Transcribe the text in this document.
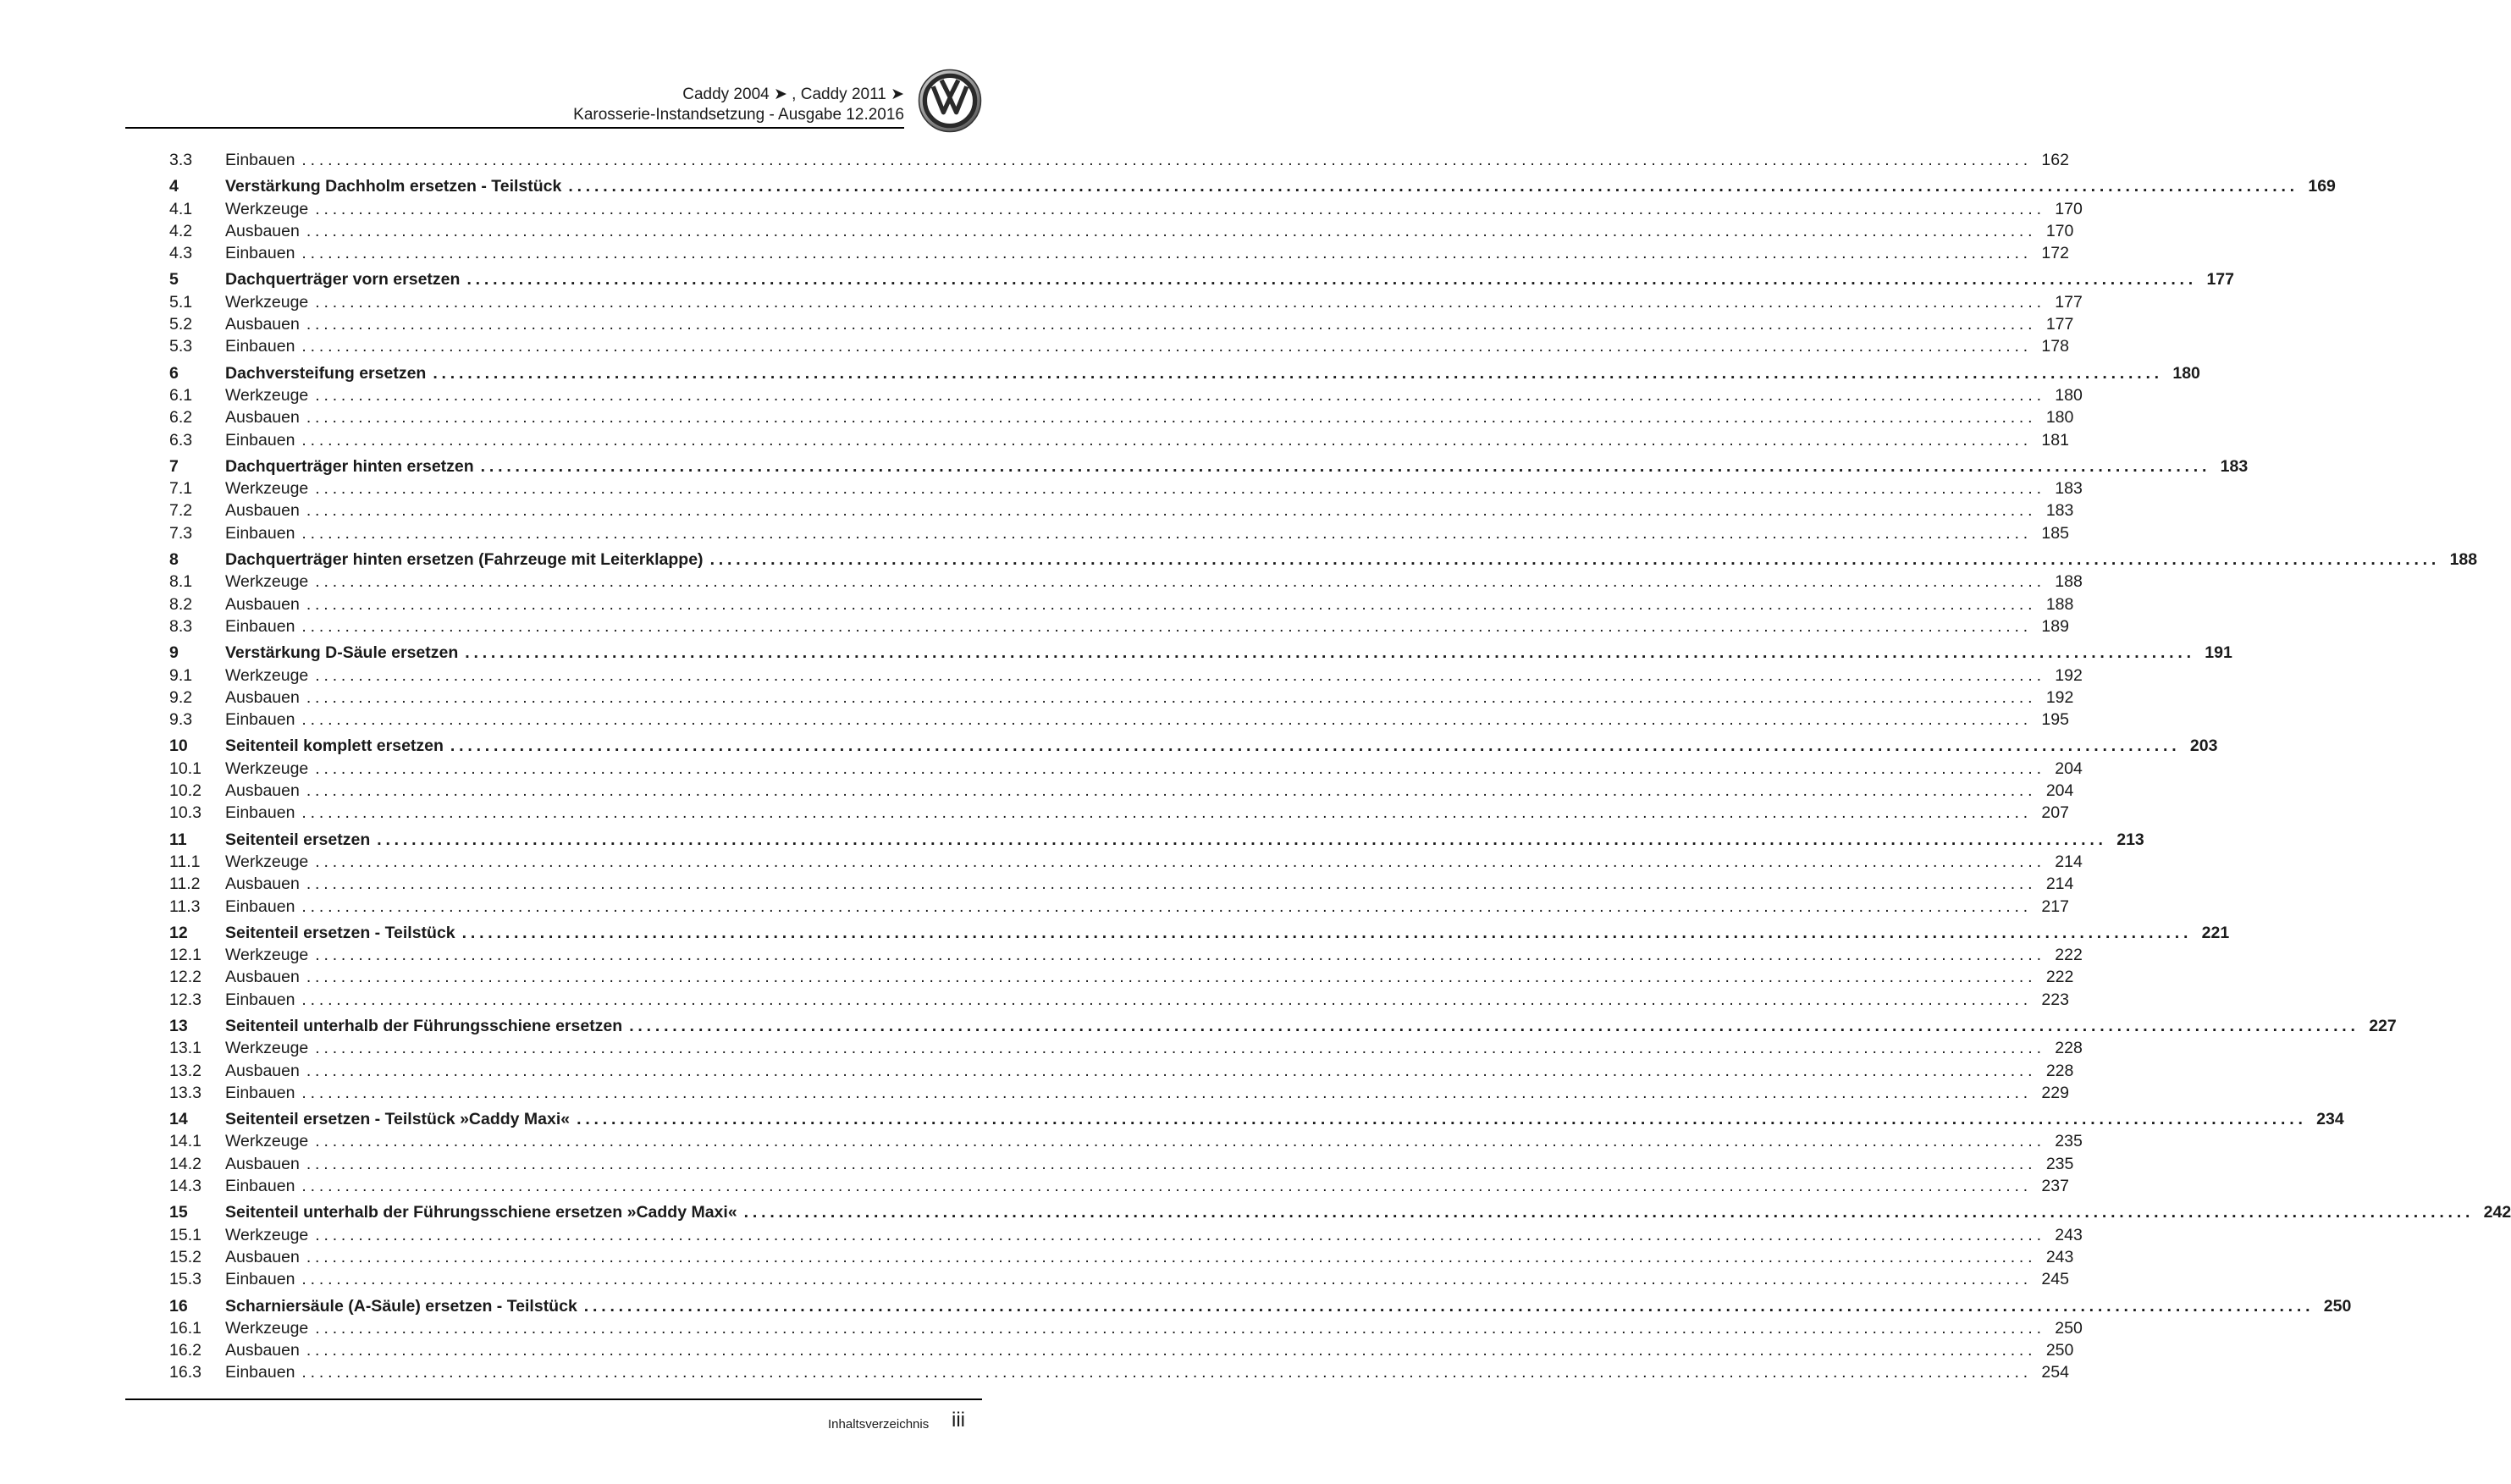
Caddy 2004 ➤ , Caddy 2011 ➤
Karosserie-Instandsetzung - Ausgabe 12.2016
3.3	Einbauen ........................................................................................................................................................................................................ 162
4	Verstärkung Dachholm ersetzen - Teilstück ........................................................................................................................................................................................................ 169
4.1	Werkzeuge ........................................................................................................................................................................................................ 170
4.2	Ausbauen ........................................................................................................................................................................................................ 170
4.3	Einbauen ........................................................................................................................................................................................................ 172
5	Dachquerträger vorn ersetzen ........................................................................................................................................................................................................ 177
5.1	Werkzeuge ........................................................................................................................................................................................................ 177
5.2	Ausbauen ........................................................................................................................................................................................................ 177
5.3	Einbauen ........................................................................................................................................................................................................ 178
6	Dachversteifung ersetzen ........................................................................................................................................................................................................ 180
6.1	Werkzeuge ........................................................................................................................................................................................................ 180
6.2	Ausbauen ........................................................................................................................................................................................................ 180
6.3	Einbauen ........................................................................................................................................................................................................ 181
7	Dachquerträger hinten ersetzen ........................................................................................................................................................................................................ 183
7.1	Werkzeuge ........................................................................................................................................................................................................ 183
7.2	Ausbauen ........................................................................................................................................................................................................ 183
7.3	Einbauen ........................................................................................................................................................................................................ 185
8	Dachquerträger hinten ersetzen (Fahrzeuge mit Leiterklappe) ........................................................................................................................................................................................................ 188
8.1	Werkzeuge ........................................................................................................................................................................................................ 188
8.2	Ausbauen ........................................................................................................................................................................................................ 188
8.3	Einbauen ........................................................................................................................................................................................................ 189
9	Verstärkung D-Säule ersetzen ........................................................................................................................................................................................................ 191
9.1	Werkzeuge ........................................................................................................................................................................................................ 192
9.2	Ausbauen ........................................................................................................................................................................................................ 192
9.3	Einbauen ........................................................................................................................................................................................................ 195
10	Seitenteil komplett ersetzen ........................................................................................................................................................................................................ 203
10.1	Werkzeuge ........................................................................................................................................................................................................ 204
10.2	Ausbauen ........................................................................................................................................................................................................ 204
10.3	Einbauen ........................................................................................................................................................................................................ 207
11	Seitenteil ersetzen ........................................................................................................................................................................................................ 213
11.1	Werkzeuge ........................................................................................................................................................................................................ 214
11.2	Ausbauen ........................................................................................................................................................................................................ 214
11.3	Einbauen ........................................................................................................................................................................................................ 217
12	Seitenteil ersetzen - Teilstück ........................................................................................................................................................................................................ 221
12.1	Werkzeuge ........................................................................................................................................................................................................ 222
12.2	Ausbauen ........................................................................................................................................................................................................ 222
12.3	Einbauen ........................................................................................................................................................................................................ 223
13	Seitenteil unterhalb der Führungsschiene ersetzen ........................................................................................................................................................................................................ 227
13.1	Werkzeuge ........................................................................................................................................................................................................ 228
13.2	Ausbauen ........................................................................................................................................................................................................ 228
13.3	Einbauen ........................................................................................................................................................................................................ 229
14	Seitenteil ersetzen - Teilstück »Caddy Maxi« ........................................................................................................................................................................................................ 234
14.1	Werkzeuge ........................................................................................................................................................................................................ 235
14.2	Ausbauen ........................................................................................................................................................................................................ 235
14.3	Einbauen ........................................................................................................................................................................................................ 237
15	Seitenteil unterhalb der Führungsschiene ersetzen »Caddy Maxi« ........................................................................................................................................................................................................ 242
15.1	Werkzeuge ........................................................................................................................................................................................................ 243
15.2	Ausbauen ........................................................................................................................................................................................................ 243
15.3	Einbauen ........................................................................................................................................................................................................ 245
16	Scharniersäule (A-Säule) ersetzen - Teilstück ........................................................................................................................................................................................................ 250
16.1	Werkzeuge ........................................................................................................................................................................................................ 250
16.2	Ausbauen ........................................................................................................................................................................................................ 250
16.3	Einbauen ........................................................................................................................................................................................................ 254
Inhaltsverzeichnis iii
